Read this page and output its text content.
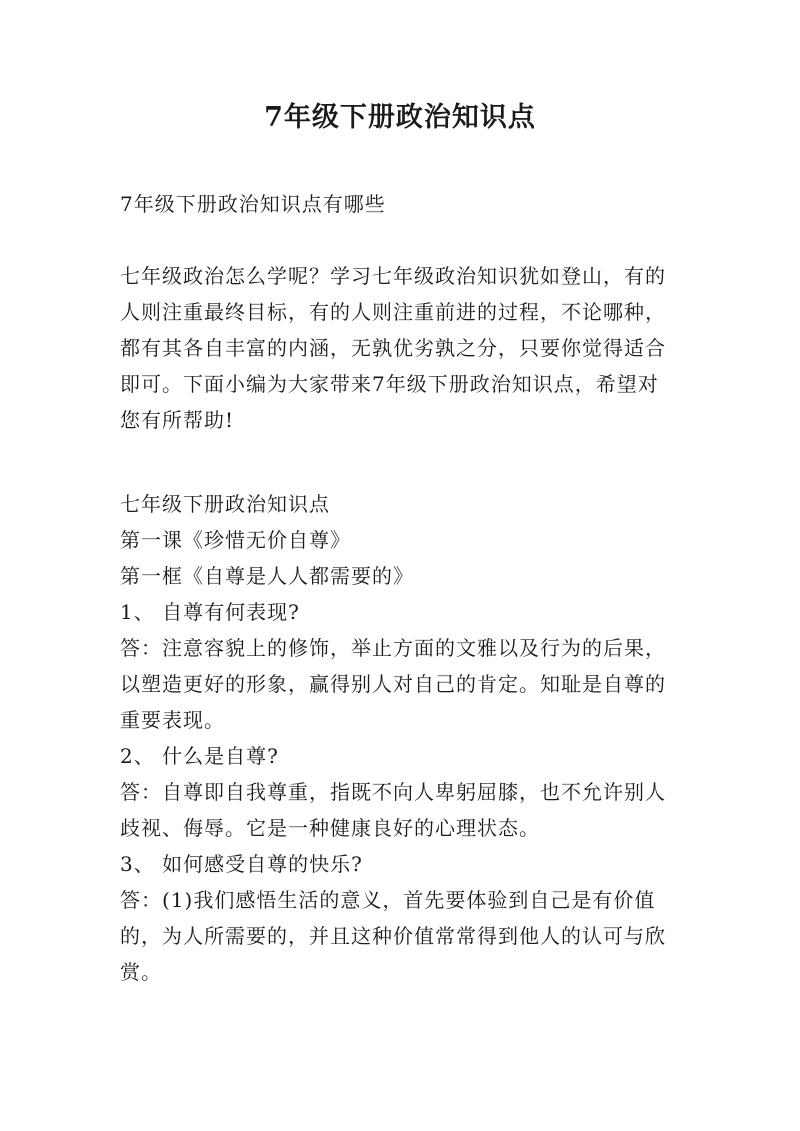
7年级下册政治知识点
7年级下册政治知识点有哪些
七年级政治怎么学呢？学习七年级政治知识犹如登山，有的
人则注重最终目标，有的人则注重前进的过程，不论哪种，
都有其各自丰富的内涵，无孰优劣孰之分，只要你觉得适合
即可。下面小编为大家带来7年级下册政治知识点，希望对
您有所帮助!
七年级下册政治知识点
第一课《珍惜无价自尊》
第一框《自尊是人人都需要的》
1、 自尊有何表现?
答：注意容貌上的修饰，举止方面的文雅以及行为的后果，
以塑造更好的形象，赢得别人对自己的肯定。知耻是自尊的
重要表现。
2、 什么是自尊?
答：自尊即自我尊重，指既不向人卑躬屈膝，也不允许别人
歧视、侮辱。它是一种健康良好的心理状态。
3、 如何感受自尊的快乐?
答：(1)我们感悟生活的意义，首先要体验到自己是有价值
的，为人所需要的，并且这种价值常常得到他人的认可与欣
赏。
